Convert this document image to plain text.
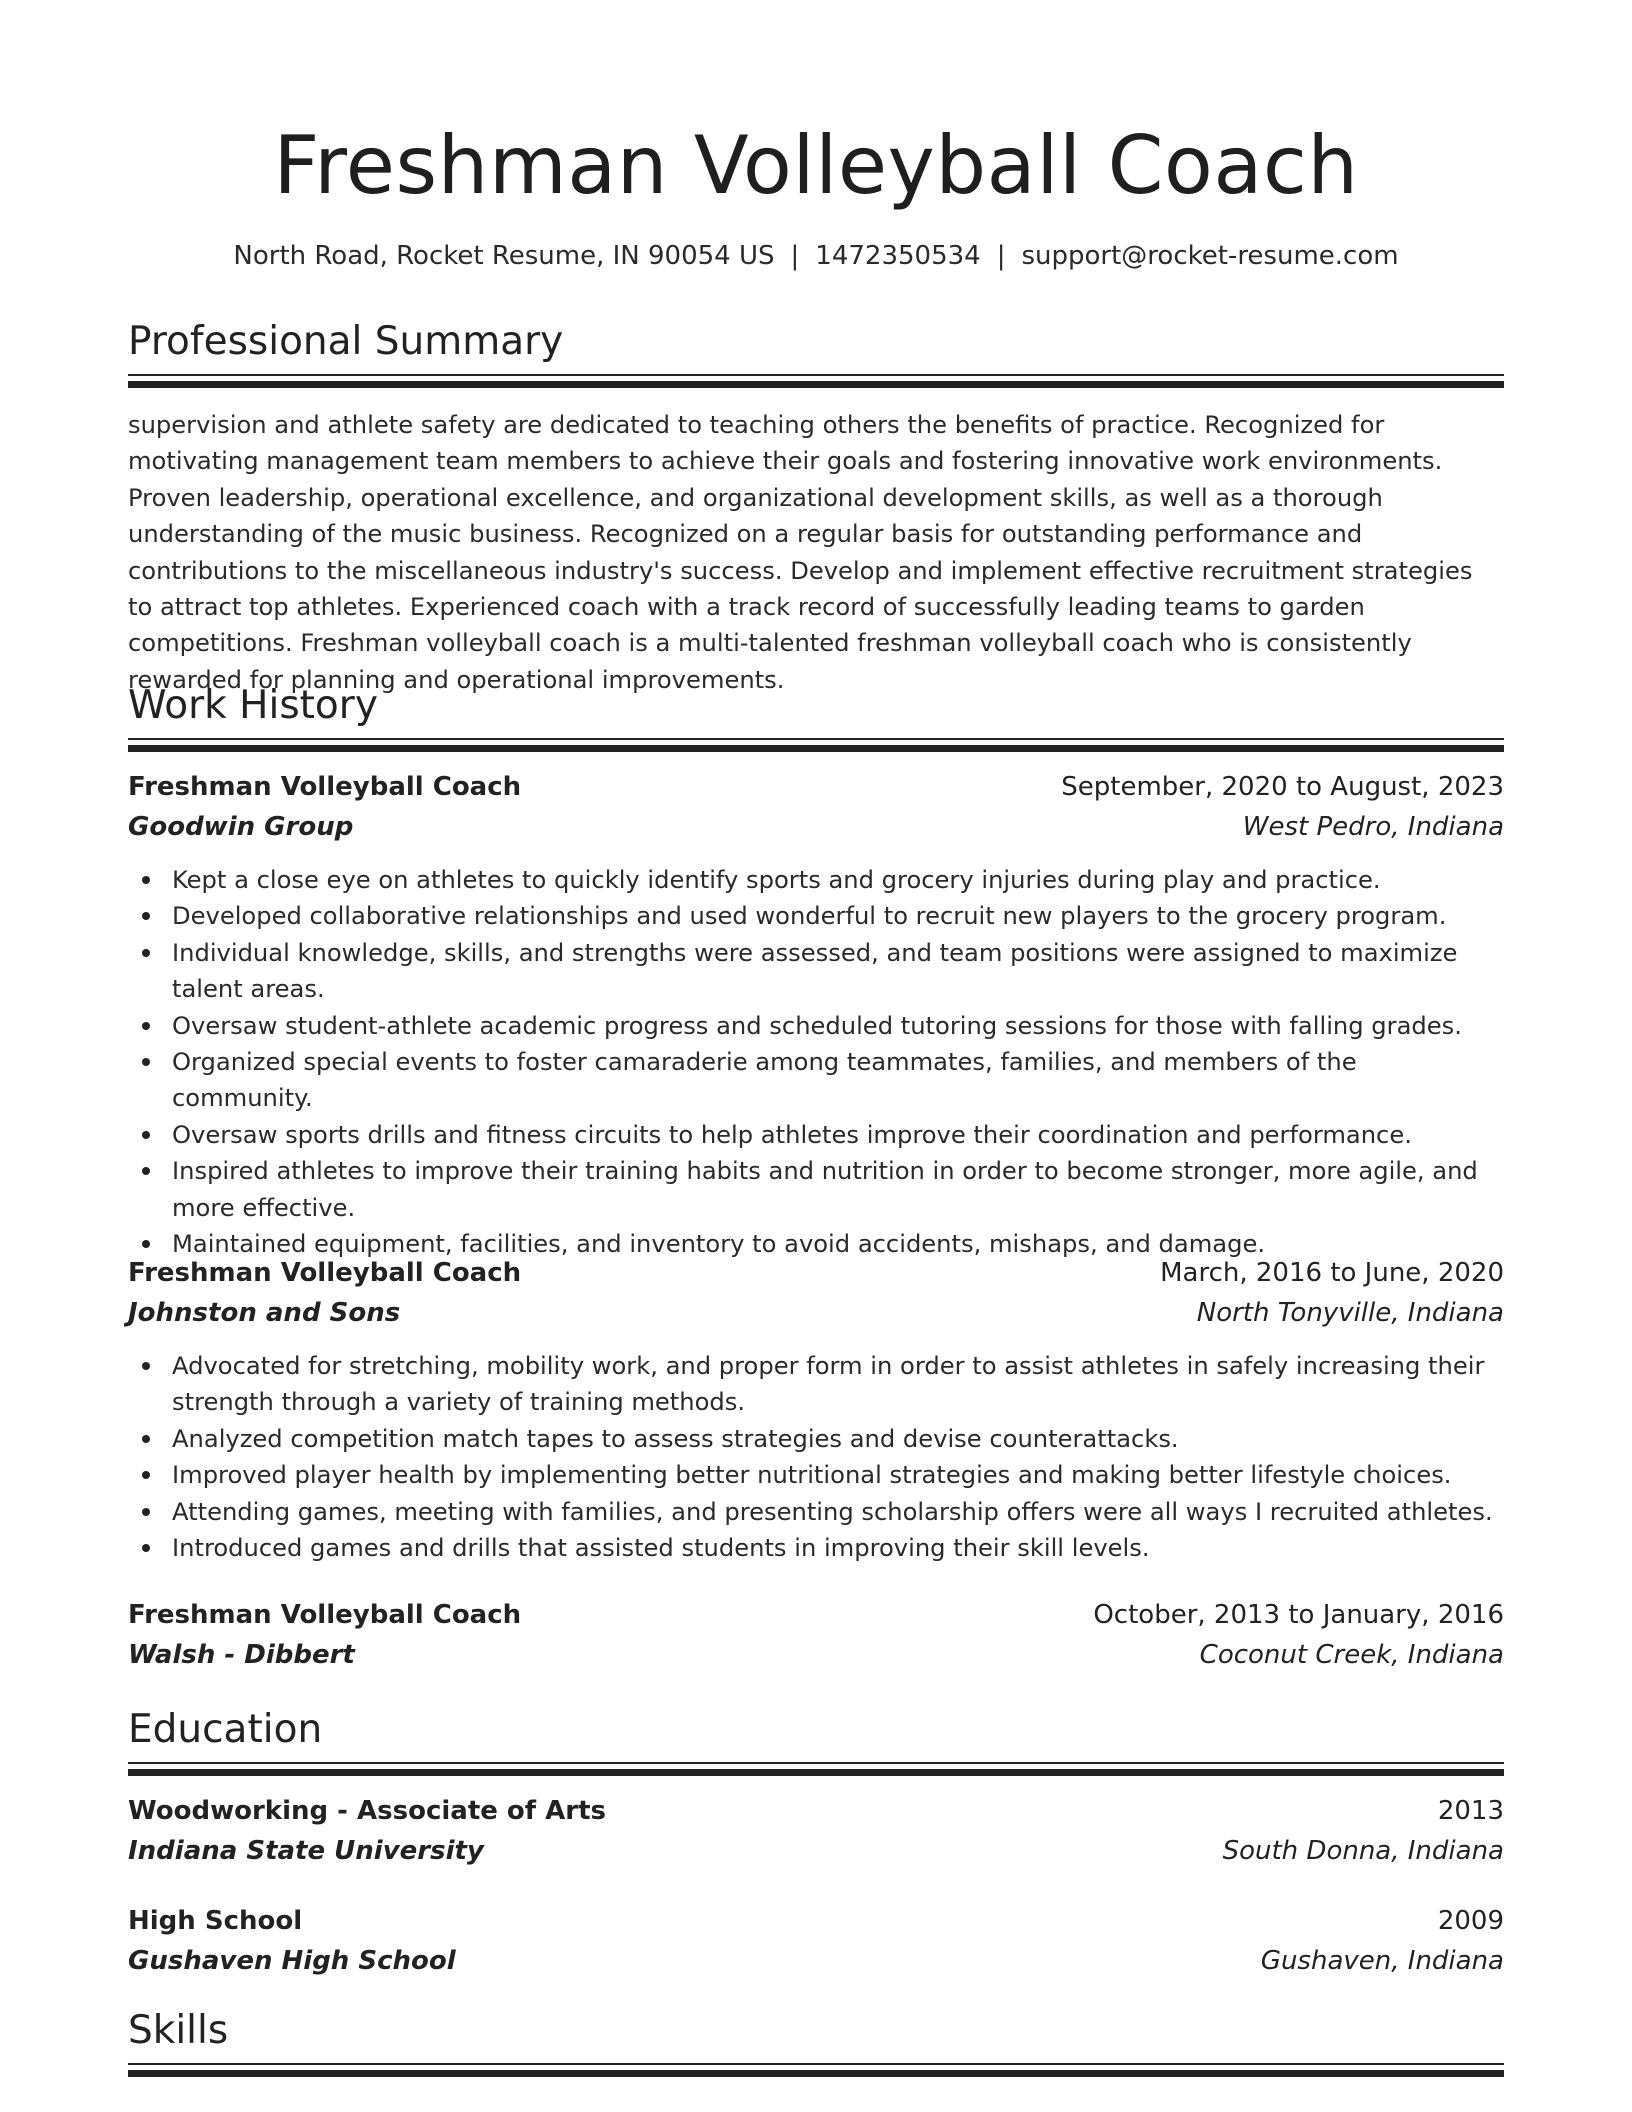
Freshman Volleyball Coach
North Road, Rocket Resume, IN 90054 US | 1472350534 | support@rocket-resume.com
Professional Summary

supervision and athlete safety are dedicated to teaching others the benefits of practice. Recognized for motivating management team members to achieve their goals and fostering innovative work environments. Proven leadership, operational excellence, and organizational development skills, as well as a thorough understanding of the music business. Recognized on a regular basis for outstanding performance and contributions to the miscellaneous industry's success. Develop and implement effective recruitment strategies to attract top athletes. Experienced coach with a track record of successfully leading teams to garden competitions. Freshman volleyball coach is a multi-talented freshman volleyball coach who is consistently rewarded for planning and operational improvements.

Work History
Freshman Volleyball Coach	September, 2020 to August, 2023
Goodwin Group	West Pedro, Indiana
Kept a close eye on athletes to quickly identify sports and grocery injuries during play and practice.
Developed collaborative relationships and used wonderful to recruit new players to the grocery program.
Individual knowledge, skills, and strengths were assessed, and team positions were assigned to maximize talent areas.
Oversaw student-athlete academic progress and scheduled tutoring sessions for those with falling grades.
Organized special events to foster camaraderie among teammates, families, and members of the community.
Oversaw sports drills and fitness circuits to help athletes improve their coordination and performance.
Inspired athletes to improve their training habits and nutrition in order to become stronger, more agile, and more effective.
Maintained equipment, facilities, and inventory to avoid accidents, mishaps, and damage.
Freshman Volleyball Coach	March, 2016 to June, 2020
Johnston and Sons	North Tonyville, Indiana
Advocated for stretching, mobility work, and proper form in order to assist athletes in safely increasing their strength through a variety of training methods.
Analyzed competition match tapes to assess strategies and devise counterattacks.
Improved player health by implementing better nutritional strategies and making better lifestyle choices.
Attending games, meeting with families, and presenting scholarship offers were all ways I recruited athletes.
Introduced games and drills that assisted students in improving their skill levels.
Freshman Volleyball Coach	October, 2013 to January, 2016
Walsh - Dibbert	Coconut Creek, Indiana
Education
Woodworking - Associate of Arts	2013
Indiana State University	South Donna, Indiana
High School	2009
Gushaven High School	Gushaven, Indiana
Skills
